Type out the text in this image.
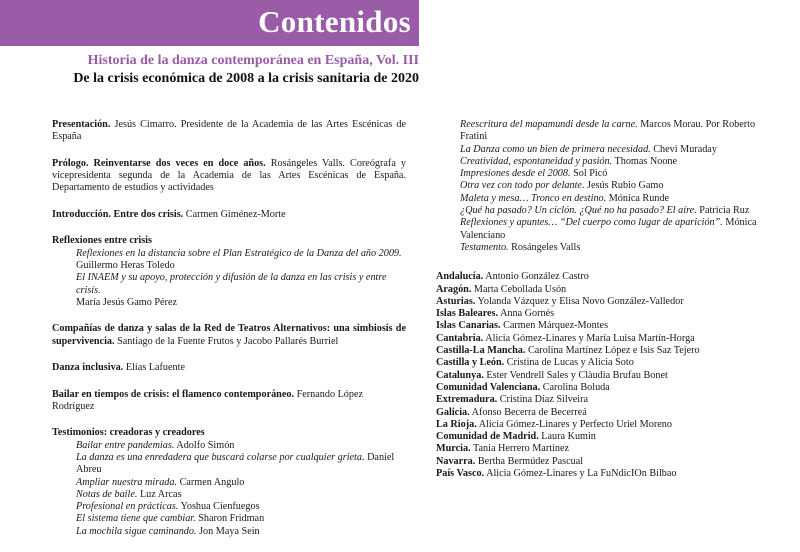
Contenidos
Historia de la danza contemporánea en España, Vol. III
De la crisis económica de 2008 a la crisis sanitaria de 2020
Presentación. Jesús Cimarro. Presidente de la Academia de las Artes Escénicas de España
Prólogo. Reinventarse dos veces en doce años. Rosángeles Valls. Coreógrafa y vicepresidenta segunda de la Academia de las Artes Escénicas de España. Departamento de estudios y actividades
Introducción. Entre dos crisis. Carmen Giménez-Morte
Reflexiones entre crisis
Reflexiones en la distancia sobre el Plan Estratégico de la Danza del año 2009.
Guillermo Heras Toledo
El INAEM y su apoyo, protección y difusión de la danza en las crisis y entre crisis.
María Jesús Gamo Pérez
Compañías de danza y salas de la Red de Teatros Alternativos: una simbiosis de supervivencia. Santiago de la Fuente Frutos y Jacobo Pallarés Burriel
Danza inclusiva. Elías Lafuente
Bailar en tiempos de crisis: el flamenco contemporáneo. Fernando López Rodríguez
Testimonios: creadoras y creadores
Bailar entre pandemias. Adolfo Simón
La danza es una enredadera que buscará colarse por cualquier grieta. Daniel Abreu
Ampliar nuestra mirada. Carmen Angulo
Notas de baile. Luz Arcas
Profesional en prácticas. Yoshua Cienfuegos
El sistema tiene que cambiar. Sharon Fridman
La mochila sigue caminando. Jon Maya Sein
Reescritura del mapamundi desde la carne. Marcos Morau. Por Roberto Fratini
La Danza como un bien de primera necesidad. Chevi Muraday
Creatividad, espontaneidad y pasión. Thomas Noone
Impresiones desde el 2008. Sol Picó
Otra vez con todo por delante. Jesús Rubio Gamo
Maleta y mesa… Tronco en destino. Mónica Runde
¿Qué ha pasado? Un ciclón. ¿Qué no ha pasado? El aire. Patricia Ruz
Reflexiones y apuntes… “Del cuerpo como lugar de aparición”. Mónica Valenciano
Testamento. Rosángeles Valls
Andalucía. Antonio González Castro
Aragón. Marta Cebollada Usón
Asturias. Yolanda Vázquez y Elisa Novo González-Valledor
Islas Baleares. Anna Gornés
Islas Canarias. Carmen Márquez-Montes
Cantabria. Alicia Gómez-Linares y María Luisa Martín-Horga
Castilla-La Mancha. Carolina Martínez López e Isis Saz Tejero
Castilla y León. Cristina de Lucas y Alicia Soto
Catalunya. Ester Vendrell Sales y Clàudia Brufau Bonet
Comunidad Valenciana. Carolina Boluda
Extremadura. Cristina Díaz Silveira
Galicia. Afonso Becerra de Becerreá
La Rioja. Alicia Gómez-Linares y Perfecto Uriel Moreno
Comunidad de Madrid. Laura Kumin
Murcia. Tania Herrero Martínez
Navarra. Bertha Bermúdez Pascual
País Vasco. Alicia Gómez-Linares y La FuNdicIOn Bilbao
